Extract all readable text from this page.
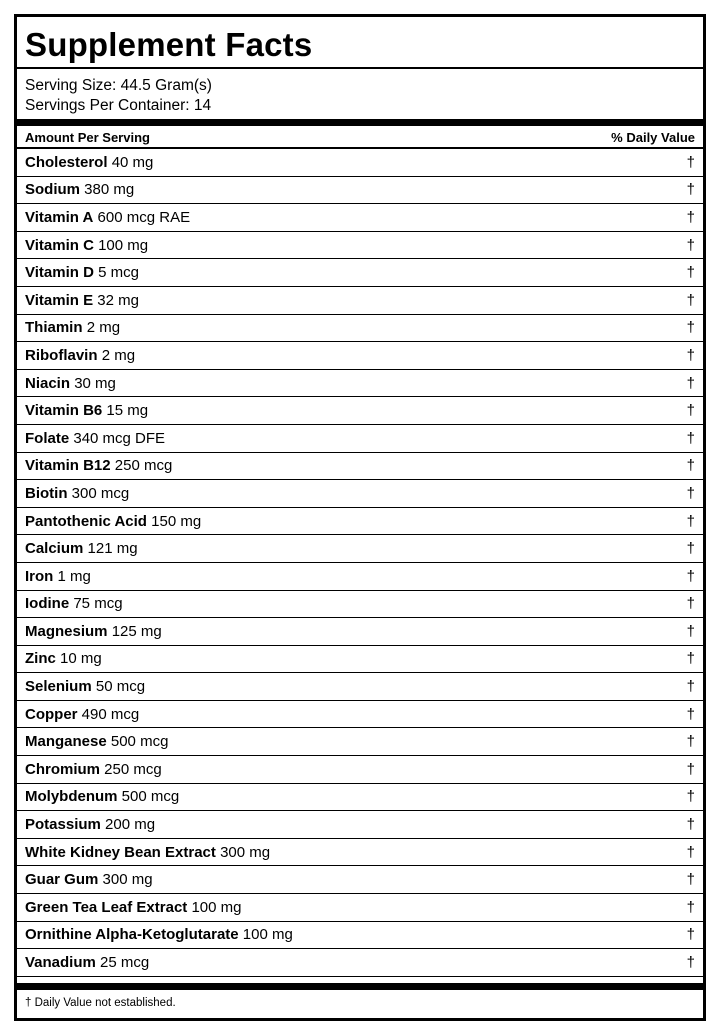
Supplement Facts
Serving Size: 44.5 Gram(s)
Servings Per Container: 14
Amount Per Serving	% Daily Value
Cholesterol 40 mg	†
Sodium 380 mg	†
Vitamin A 600 mcg RAE	†
Vitamin C 100 mg	†
Vitamin D 5 mcg	†
Vitamin E 32 mg	†
Thiamin 2 mg	†
Riboflavin 2 mg	†
Niacin 30 mg	†
Vitamin B6 15 mg	†
Folate 340 mcg DFE	†
Vitamin B12 250 mcg	†
Biotin 300 mcg	†
Pantothenic Acid 150 mg	†
Calcium 121 mg	†
Iron 1 mg	†
Iodine 75 mcg	†
Magnesium 125 mg	†
Zinc 10 mg	†
Selenium 50 mcg	†
Copper 490 mcg	†
Manganese 500 mcg	†
Chromium 250 mcg	†
Molybdenum 500 mcg	†
Potassium 200 mg	†
White Kidney Bean Extract 300 mg	†
Guar Gum 300 mg	†
Green Tea Leaf Extract 100 mg	†
Ornithine Alpha-Ketoglutarate 100 mg	†
Vanadium 25 mcg	†
† Daily Value not established.
